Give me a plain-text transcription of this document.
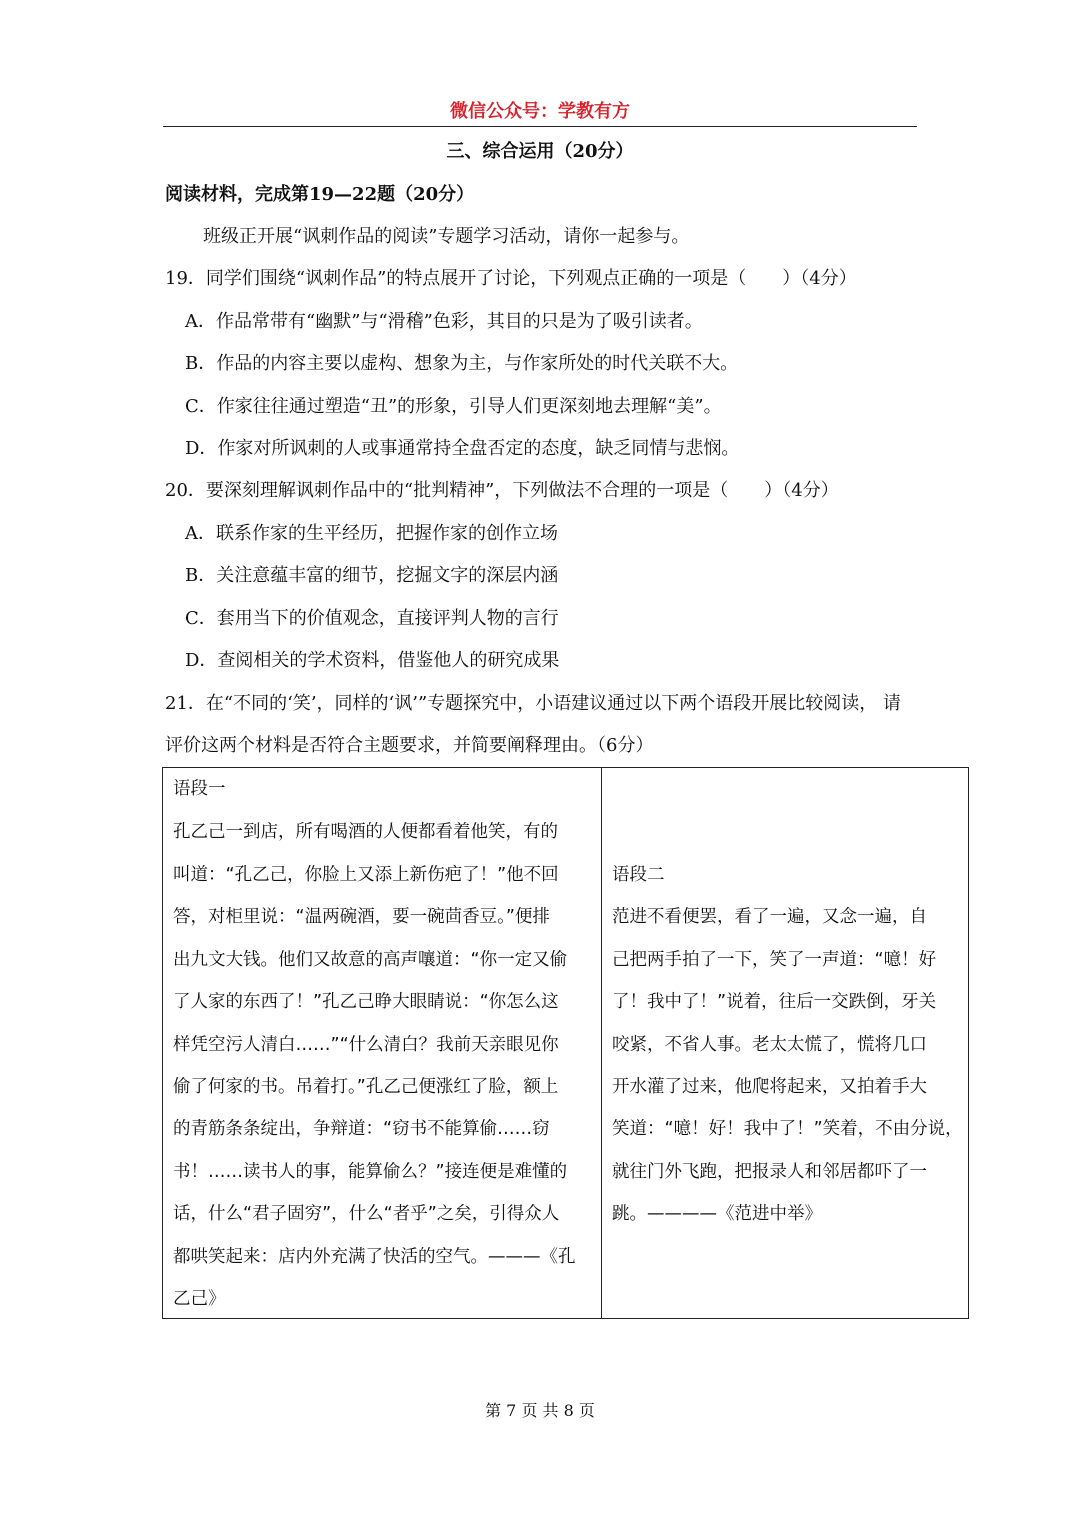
微信公众号：学教有方
三、综合运用（20分）
阅读材料，完成第19—22题（20分）
班级正开展“讽刺作品的阅读”专题学习活动，请你一起参与。
19．同学们围绕“讽刺作品”的特点展开了讨论，下列观点正确的一项是（　　）（4分）
A．作品常带有“幽默”与“滑稽”色彩，其目的只是为了吸引读者。
B．作品的内容主要以虚构、想象为主，与作家所处的时代关联不大。
C．作家往往通过塑造“丑”的形象，引导人们更深刻地去理解“美”。
D．作家对所讽刺的人或事通常持全盘否定的态度，缺乏同情与悲悯。
20．要深刻理解讽刺作品中的“批判精神”，下列做法不合理的一项是（　　）（4分）
A．联系作家的生平经历，把握作家的创作立场
B．关注意蕴丰富的细节，挖掘文字的深层内涵
C．套用当下的价值观念，直接评判人物的言行
D．查阅相关的学术资料，借鉴他人的研究成果
21．在“不同的‘笑’，同样的‘讽’”专题探究中，小语建议通过以下两个语段开展比较阅读， 请
评价这两个材料是否符合主题要求，并简要阐释理由。（6分）
语段一
孔乙己一到店，所有喝酒的人便都看着他笑，有的
叫道：“孔乙己，你脸上又添上新伤疤了！”他不回
答，对柜里说：“温两碗酒，要一碗茴香豆。”便排
出九文大钱。他们又故意的高声嚷道：“你一定又偷
了人家的东西了！”孔乙己睁大眼睛说：“你怎么这
样凭空污人清白……”“什么清白？我前天亲眼见你
偷了何家的书。吊着打。”孔乙己便涨红了脸，额上
的青筋条条绽出，争辩道：“窃书不能算偷……窃
书！……读书人的事，能算偷么？”接连便是难懂的
话，什么“君子固穷”，什么“者乎”之矣，引得众人
都哄笑起来：店内外充满了快活的空气。———《孔
乙己》
语段二
范进不看便罢，看了一遍，又念一遍，自
己把两手拍了一下，笑了一声道：“噫！好
了！我中了！”说着，往后一交跌倒，牙关
咬紧，不省人事。老太太慌了，慌将几口
开水灌了过来，他爬将起来，又拍着手大
笑道：“噫！好！我中了！”笑着，不由分说，
就往门外飞跑，把报录人和邻居都吓了一
跳。————《范进中举》
第 7 页 共 8 页
